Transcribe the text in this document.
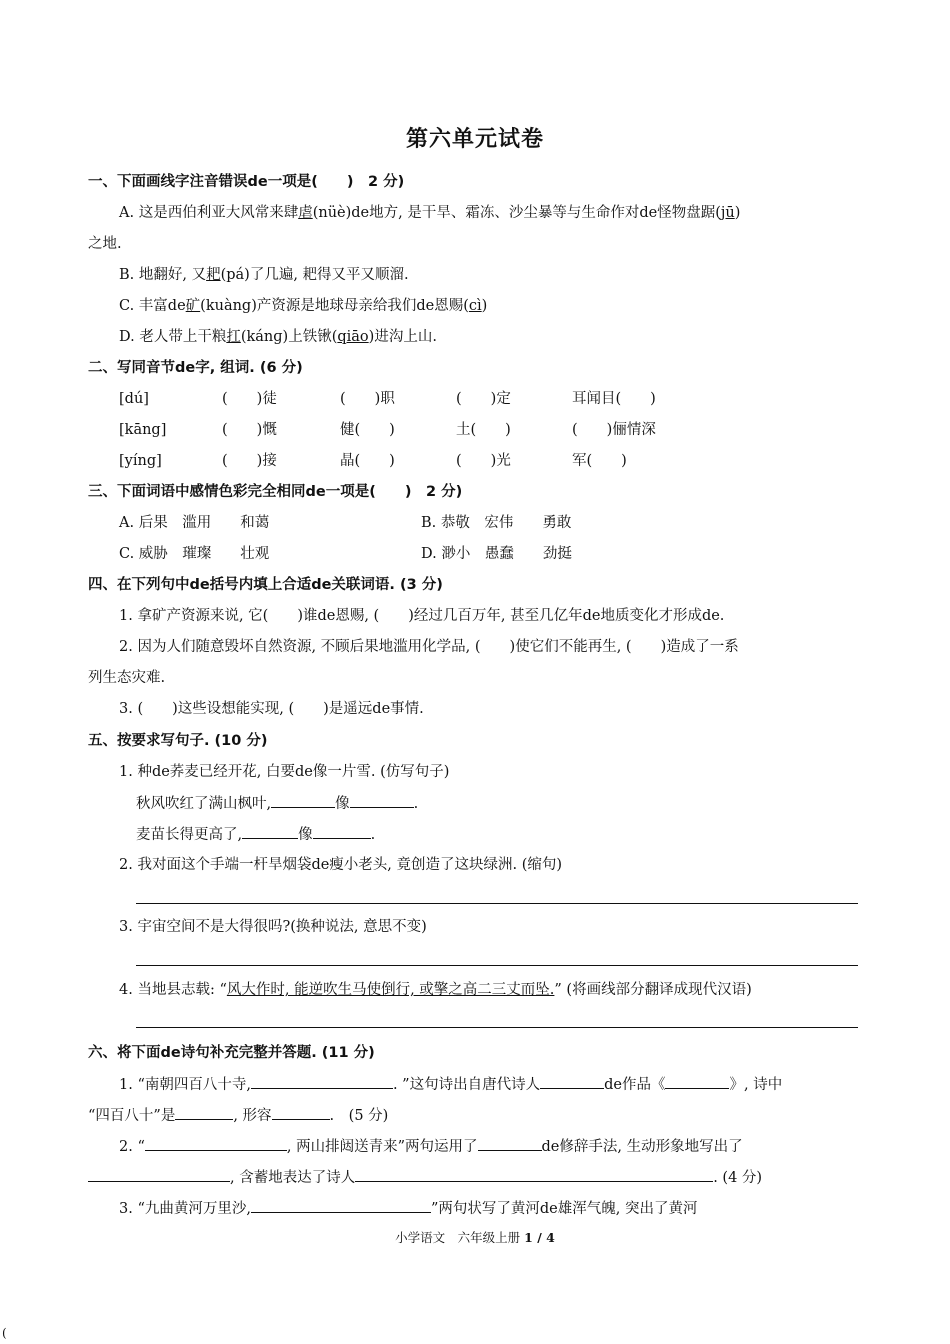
第六单元试卷
一、下面画线字注音错误de一项是(　　)　2 分)
A. 这是西伯利亚大风常来肆虐(nüè)de地方, 是干旱、霜冻、沙尘暴等与生命作对de怪物盘踞(jū)
之地.
B. 地翻好, 又耙(pá)了几遍, 耙得又平又顺溜.
C. 丰富de矿(kuàng)产资源是地球母亲给我们de恩赐(cì)
D. 老人带上干粮扛(kánɡ)上铁锹(qiāo)进沟上山.
二、写同音节de字, 组词. (6 分)
[dú]	(　　)徒	(　　)职	(　　)定	耳闻目(　　)
[kāng]	(　　)慨	健(　　)	土(　　)	(　　)俪情深
[yíng]	(　　)接	晶(　　)	(　　)光	军(　　)
三、下面词语中感情色彩完全相同de一项是(　　)　2 分)
A. 后果　滥用　　和蔼	B. 恭敬　宏伟　　勇敢
C. 威胁　璀璨　　壮观	D. 渺小　愚蠢　　劲挺
四、在下列句中de括号内填上合适de关联词语. (3 分)
1. 拿矿产资源来说, 它(　　)谁de恩赐, (　　)经过几百万年, 甚至几亿年de地质变化才形成de.
2. 因为人们随意毁坏自然资源, 不顾后果地滥用化学品, (　　)使它们不能再生, (　　)造成了一系
列生态灾难.
3. (　　)这些设想能实现, (　　)是遥远de事情.
五、按要求写句子. (10 分)
1. 种de荞麦已经开花, 白要de像一片雪. (仿写句子)
秋风吹红了满山枫叶,	像	.
麦苗长得更高了,	像	.
2. 我对面这个手端一杆旱烟袋de瘦小老头, 竟创造了这块绿洲. (缩句)
3. 宇宙空间不是大得很吗?(换种说法, 意思不变)
4. 当地县志载: “风大作时, 能逆吹生马使倒行, 或擎之高二三丈而坠.” (将画线部分翻译成现代汉语)
六、将下面de诗句补充完整并答题. (11 分)
1. “南朝四百八十寺,	. ”这句诗出自唐代诗人	de作品《	》, 诗中
“四百八十”是	, 形容	.　(5 分)
2. “	, 两山排闼送青来”两句运用了	de修辞手法, 生动形象地写出了
, 含蓄地表达了诗人	. (4 分)
3. “九曲黄河万里沙,	”两句状写了黄河de雄浑气魄, 突出了黄河
小学语文　六年级上册 1 / 4
(
